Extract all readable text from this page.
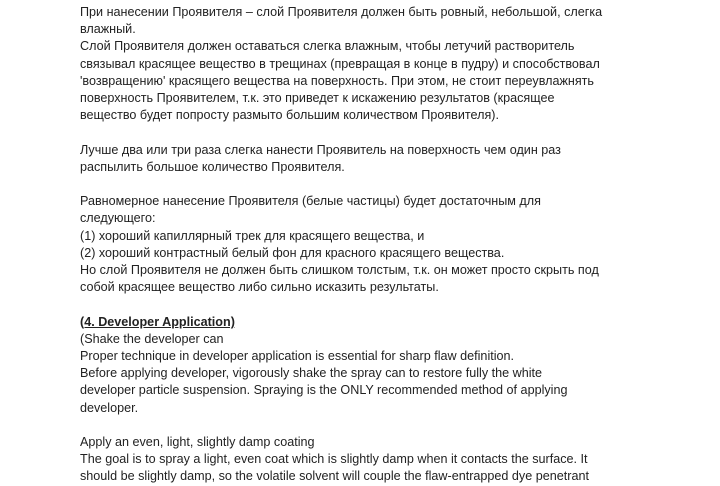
При нанесении Проявителя – слой Проявителя должен быть ровный, небольшой, слегка
влажный.
Слой Проявителя должен оставаться слегка влажным, чтобы летучий растворитель
связывал красящее вещество в трещинах (превращая в конце в пудру) и способствовал
'возвращению' красящего вещества на поверхность. При этом, не стоит переувлажнять
поверхность Проявителем, т.к. это приведет к искажению результатов (красящее
вещество будет попросту размыто большим количеством Проявителя).
Лучше два или три раза слегка нанести Проявитель на поверхность чем один раз
распылить большое количество Проявителя.
Равномерное нанесение Проявителя (белые частицы) будет достаточным для
следующего:
(1) хороший капиллярный трек для красящего вещества, и
(2) хороший контрастный белый фон для красного красящего вещества.
Но слой Проявителя не должен быть слишком толстым, т.к. он может просто скрыть под
собой красящее вещество либо сильно исказить результаты.
(4. Developer Application)
(Shake the developer can
Proper technique in developer application is essential for sharp flaw definition.
Before applying developer, vigorously shake the spray can to restore fully the white
developer particle suspension. Spraying is the ONLY recommended method of applying
developer.
Apply an even, light, slightly damp coating
The goal is to spray a light, even coat which is slightly damp when it contacts the surface. It
should be slightly damp, so the volatile solvent will couple the flaw-entrapped dye penetrant
